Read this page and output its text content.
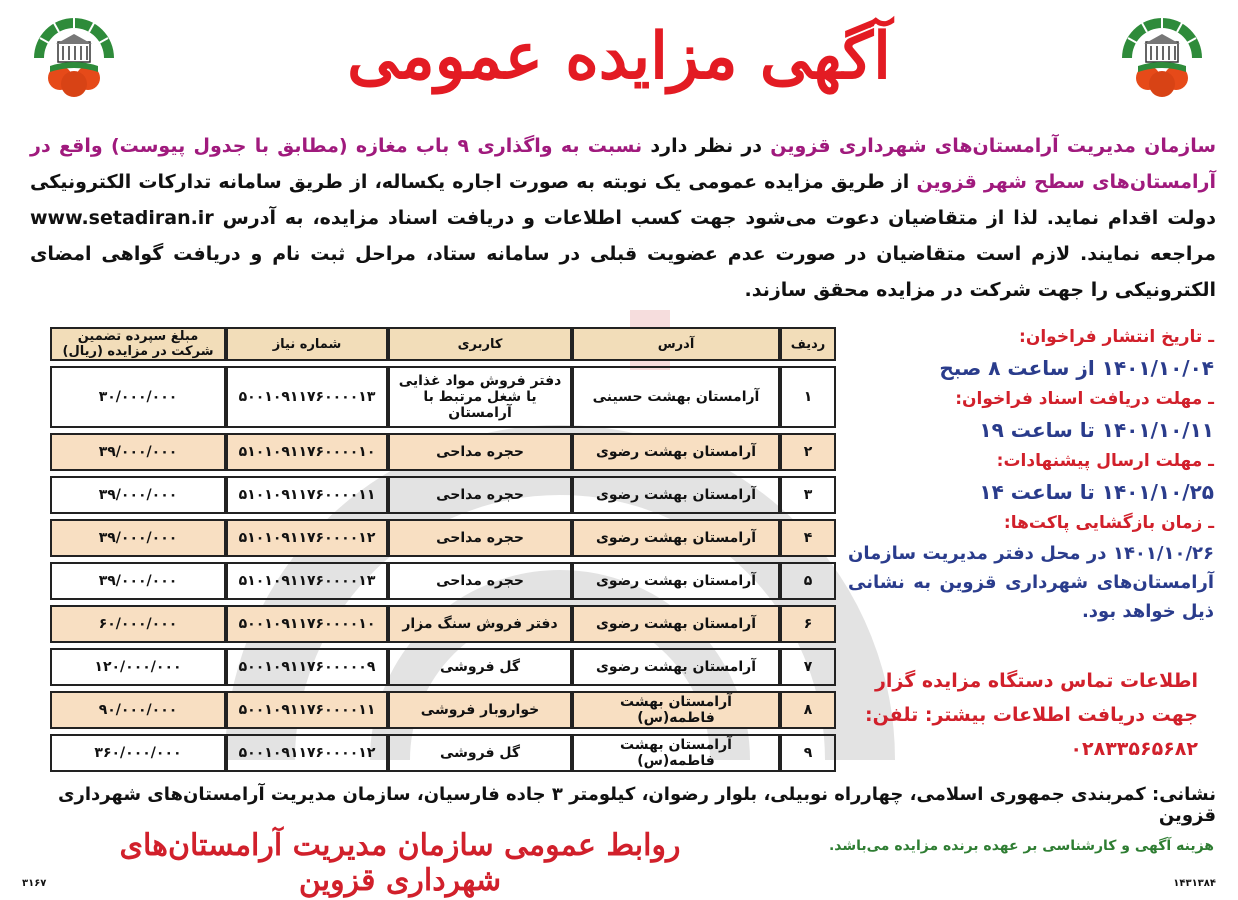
آگهی مزایده عمومی
سازمان مدیریت آرامستان‌های شهرداری قزوین در نظر دارد نسبت به واگذاری ۹ باب مغازه (مطابق با جدول پیوست) واقع در آرامستان‌های سطح شهر قزوین از طریق مزایده عمومی یک نوبته به صورت اجاره یکساله، از طریق سامانه تدارکات الکترونیکی دولت اقدام نماید. لذا از متقاضیان دعوت می‌شود جهت کسب اطلاعات و دریافت اسناد مزایده، به آدرس www.setadiran.ir مراجعه نمایند. لازم است متقاضیان در صورت عدم عضویت قبلی در سامانه ستاد، مراحل ثبت نام و دریافت گواهی امضای الکترونیکی را جهت شرکت در مزایده محقق سازند.
ردیف	آدرس	کاربری	شماره نیاز	مبلغ سپرده تضمین شرکت در مزایده (ریال)
۱	آرامستان بهشت حسینی	دفتر فروش مواد غذایی یا شغل مرتبط با آرامستان	۵۰۰۱۰۹۱۱۷۶۰۰۰۰۱۳	۳۰/۰۰۰/۰۰۰
۲	آرامستان بهشت رضوی	حجره مداحی	۵۱۰۱۰۹۱۱۷۶۰۰۰۰۱۰	۳۹/۰۰۰/۰۰۰
۳	آرامستان بهشت رضوی	حجره مداحی	۵۱۰۱۰۹۱۱۷۶۰۰۰۰۱۱	۳۹/۰۰۰/۰۰۰
۴	آرامستان بهشت رضوی	حجره مداحی	۵۱۰۱۰۹۱۱۷۶۰۰۰۰۱۲	۳۹/۰۰۰/۰۰۰
۵	آرامستان بهشت رضوی	حجره مداحی	۵۱۰۱۰۹۱۱۷۶۰۰۰۰۱۳	۳۹/۰۰۰/۰۰۰
۶	آرامستان بهشت رضوی	دفتر فروش سنگ مزار	۵۰۰۱۰۹۱۱۷۶۰۰۰۰۱۰	۶۰/۰۰۰/۰۰۰
۷	آرامستان بهشت رضوی	گل فروشی	۵۰۰۱۰۹۱۱۷۶۰۰۰۰۰۹	۱۲۰/۰۰۰/۰۰۰
۸	آرامستان بهشت فاطمه(س)	خواروبار فروشی	۵۰۰۱۰۹۱۱۷۶۰۰۰۰۱۱	۹۰/۰۰۰/۰۰۰
۹	آرامستان بهشت فاطمه(س)	گل فروشی	۵۰۰۱۰۹۱۱۷۶۰۰۰۰۱۲	۳۶۰/۰۰۰/۰۰۰
ـ تاریخ انتشار فراخوان:
۱۴۰۱/۱۰/۰۴ از ساعت ۸ صبح
ـ مهلت دریافت اسناد فراخوان:
۱۴۰۱/۱۰/۱۱ تا ساعت ۱۹
ـ مهلت ارسال پیشنهادات:
۱۴۰۱/۱۰/۲۵ تا ساعت ۱۴
ـ زمان بازگشایی پاکت‌ها:
۱۴۰۱/۱۰/۲۶ در محل دفتر مدیریت سازمان آرامستان‌های شهرداری قزوین به نشانی ذیل خواهد بود.
اطلاعات تماس دستگاه مزایده گزار
جهت دریافت اطلاعات بیشتر: تلفن:
۰۲۸۳۳۵۶۵۶۸۲
نشانی: کمربندی جمهوری اسلامی، چهارراه نوبیلی، بلوار رضوان، کیلومتر ۳ جاده فارسیان، سازمان مدیریت آرامستان‌های شهرداری قزوین
هزینه آگهی و کارشناسی بر عهده برنده مزایده می‌باشد.
روابط عمومی سازمان مدیریت آرامستان‌های شهرداری قزوین
۳۱۶۷	۱۴۳۱۳۸۴
